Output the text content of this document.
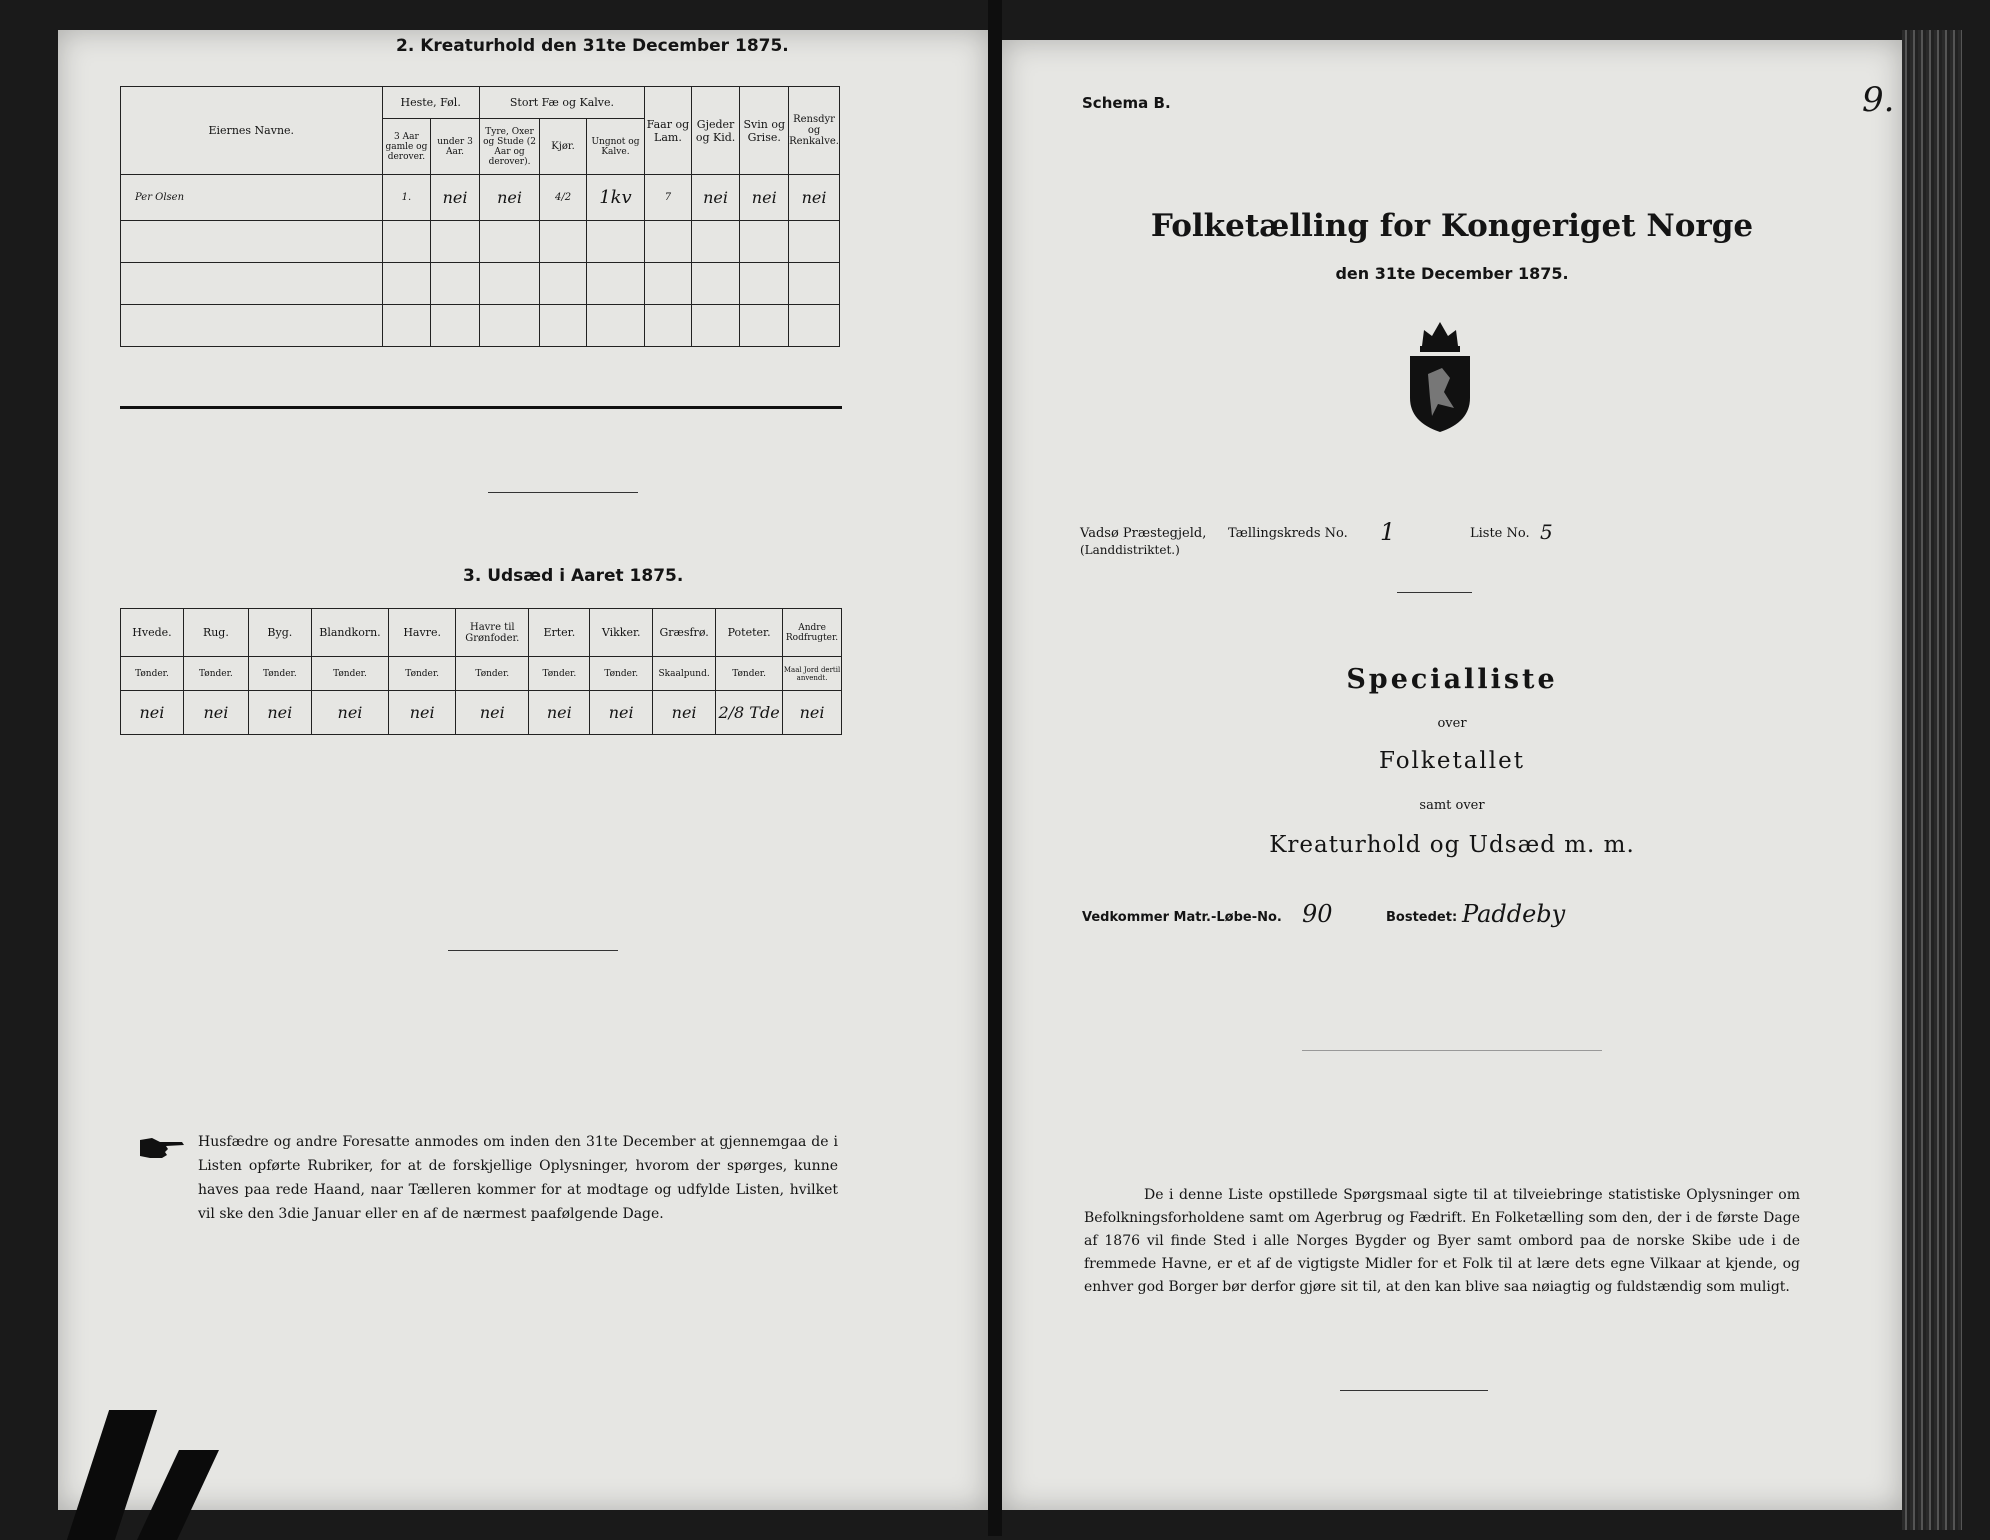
2. Kreaturhold den 31te December 1875.
Eiernes Navne.	Heste, Føl.		Stort Fæ og Kalve.			Faar og Lam.	Gjeder og Kid.	Svin og Grise.	Rensdyr og Renkalve.
	3 Aar gamle og derover.	under 3 Aar.	Tyre, Oxer og Stude (2 Aar og derover).	Kjør.	Ungnot og Kalve.				
Per Olsen	1.	nei	nei	4/2	1kv	7	nei	nei	nei

3. Udsæd i Aaret 1875.
Hvede.	Rug.	Byg.	Blandkorn.	Havre.	Havre til Grønfoder.	Erter.	Vikker.	Græsfrø.	Poteter.	Andre Rodfrugter.
Tønder.	Tønder.	Tønder.	Tønder.	Tønder.	Tønder.	Tønder.	Tønder.	Skaalpund.	Tønder.	Maal Jord dertil anvendt.
nei	nei	nei	nei	nei	nei	nei	nei	nei	2/8 Tde	nei
Husfædre og andre Foresatte anmodes om inden den 31te December at gjennemgaa de i Listen opførte Rubriker, for at de forskjellige Oplysninger, hvorom der spørges, kunne haves paa rede Haand, naar Tælleren kommer for at modtage og udfylde Listen, hvilket vil ske den 3die Januar eller en af de nærmest paafølgende Dage.
Schema B.	9.
Folketælling for Kongeriget Norge
den 31te December 1875.
Vadsø Præstegjeld,
(Landdistriktet.)
Tællingskreds No. 1	Liste No. 5
Specialliste
over
Folketallet
samt over
Kreaturhold og Udsæd m. m.
Vedkommer Matr.-Løbe-No. 90	Bostedet: Paddeby
De i denne Liste opstillede Spørgsmaal sigte til at tilveiebringe statistiske Oplysninger om Befolkningsforholdene samt om Agerbrug og Fædrift. En Folketælling som den, der i de første Dage af 1876 vil finde Sted i alle Norges Bygder og Byer samt ombord paa de norske Skibe ude i de fremmede Havne, er et af de vigtigste Midler for et Folk til at lære dets egne Vilkaar at kjende, og enhver god Borger bør derfor gjøre sit til, at den kan blive saa nøiagtig og fuldstændig som muligt.
